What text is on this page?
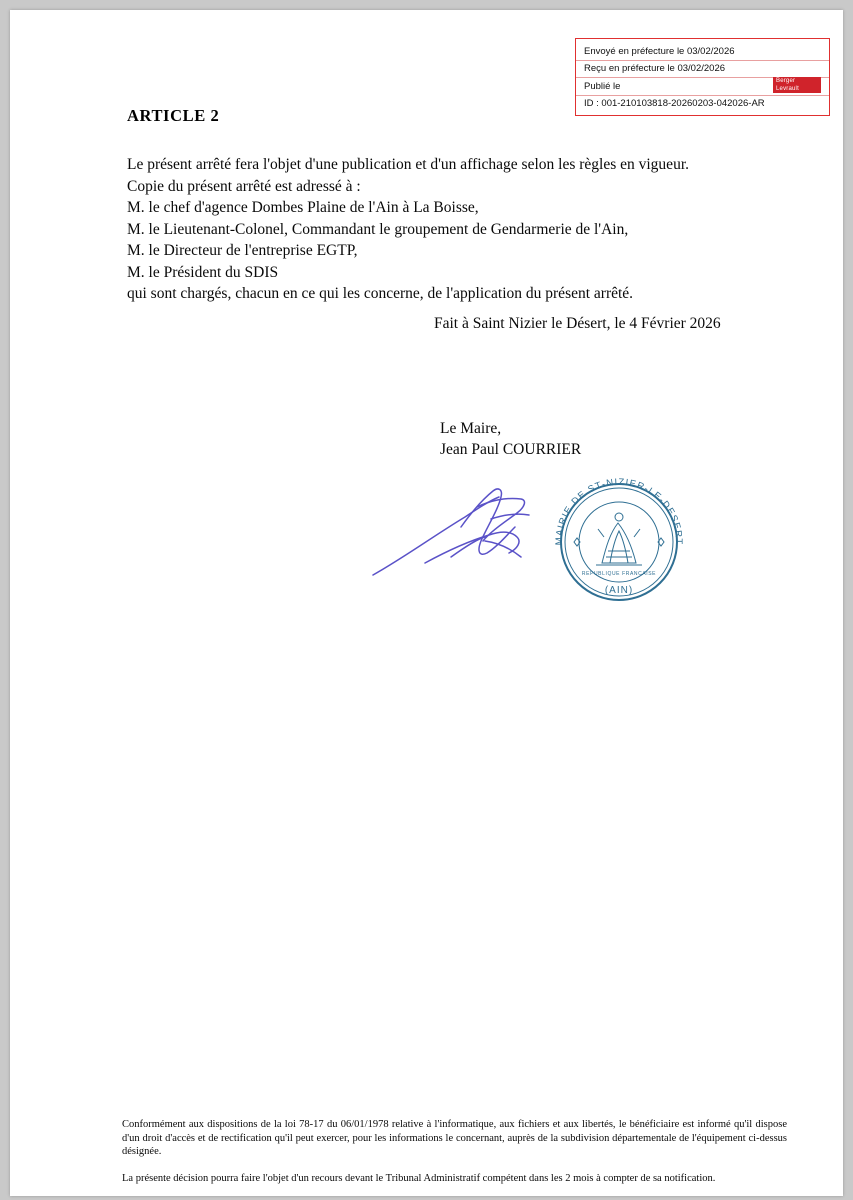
Envoyé en préfecture le 03/02/2026
Reçu en préfecture le 03/02/2026
Publié le
ID : 001-210103818-20260203-042026-AR
Berger
Levrault
ARTICLE 2

Le présent arrêté fera l'objet d'une publication et d'un affichage selon les règles en vigueur.

Copie du présent arrêté est adressé à :

M. le chef d'agence Dombes Plaine de l'Ain à La Boisse,

M. le Lieutenant-Colonel, Commandant le groupement de Gendarmerie de l'Ain,

M. le Directeur de l'entreprise EGTP,

M. le Président du SDIS

qui sont chargés, chacun en ce qui les concerne, de l'application du présent arrêté.

Fait à Saint Nizier le Désert, le 4 Février 2026

Le Maire,

Jean Paul COURRIER

MAIRIE DE ST-NIZIER-LE-DESERT
(AIN)
REPUBLIQUE FRANCAISE

Conformément aux dispositions de la loi 78-17 du 06/01/1978 relative à l'informatique, aux fichiers et aux libertés, le bénéficiaire est informé qu'il dispose d'un droit d'accès et de rectification qu'il peut exercer, pour les informations le concernant, auprès de la subdivision départementale de l'équipement ci-dessus désignée.

La présente décision pourra faire l'objet d'un recours devant le Tribunal Administratif compétent dans les 2 mois à compter de sa notification.
